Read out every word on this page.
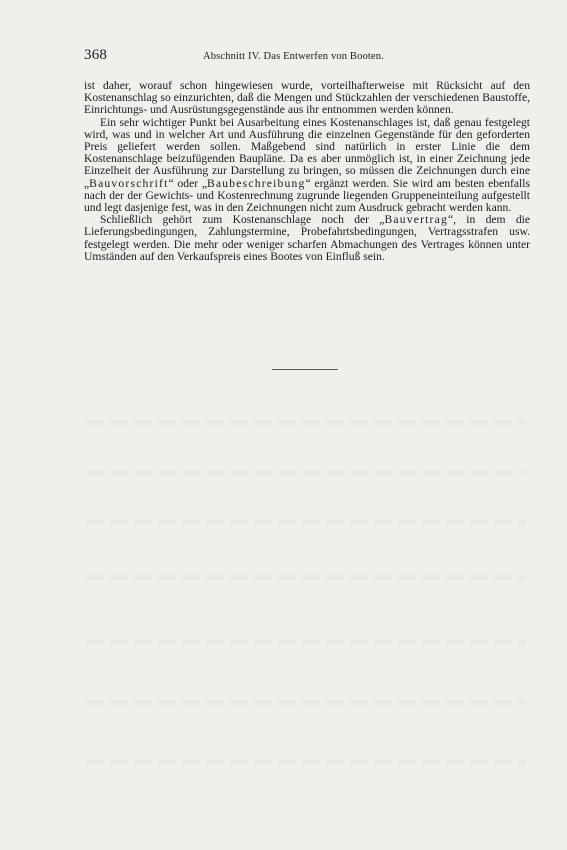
368	Abschnitt IV. Das Entwerfen von Booten.

ist daher, worauf schon hingewiesen wurde, vorteilhafterweise mit Rücksicht auf den Kostenanschlag so einzurichten, daß die Mengen und Stückzahlen der verschiedenen Baustoffe, Einrichtungs- und Ausrüstungsgegenstände aus ihr entnommen werden können.

Ein sehr wichtiger Punkt bei Ausarbeitung eines Kostenanschlages ist, daß genau festgelegt wird, was und in welcher Art und Ausführung die einzelnen Gegenstände für den geforderten Preis geliefert werden sollen. Maßgebend sind natürlich in erster Linie die dem Kostenanschlage beizufügenden Baupläne. Da es aber unmöglich ist, in einer Zeichnung jede Einzelheit der Ausführung zur Darstellung zu bringen, so müssen die Zeichnungen durch eine „Bauvorschrift“ oder „Baubeschreibung“ ergänzt werden. Sie wird am besten ebenfalls nach der der Gewichts- und Kostenrechnung zugrunde liegenden Gruppeneinteilung aufgestellt und legt dasjenige fest, was in den Zeichnungen nicht zum Ausdruck gebracht werden kann.

Schließlich gehört zum Kostenanschlage noch der „Bauvertrag“, in dem die Lieferungsbedingungen, Zahlungstermine, Probefahrtsbedingungen, Vertragsstrafen usw. festgelegt werden. Die mehr oder weniger scharfen Abmachungen des Vertrages können unter Umständen auf den Verkaufspreis eines Bootes von Einfluß sein.
